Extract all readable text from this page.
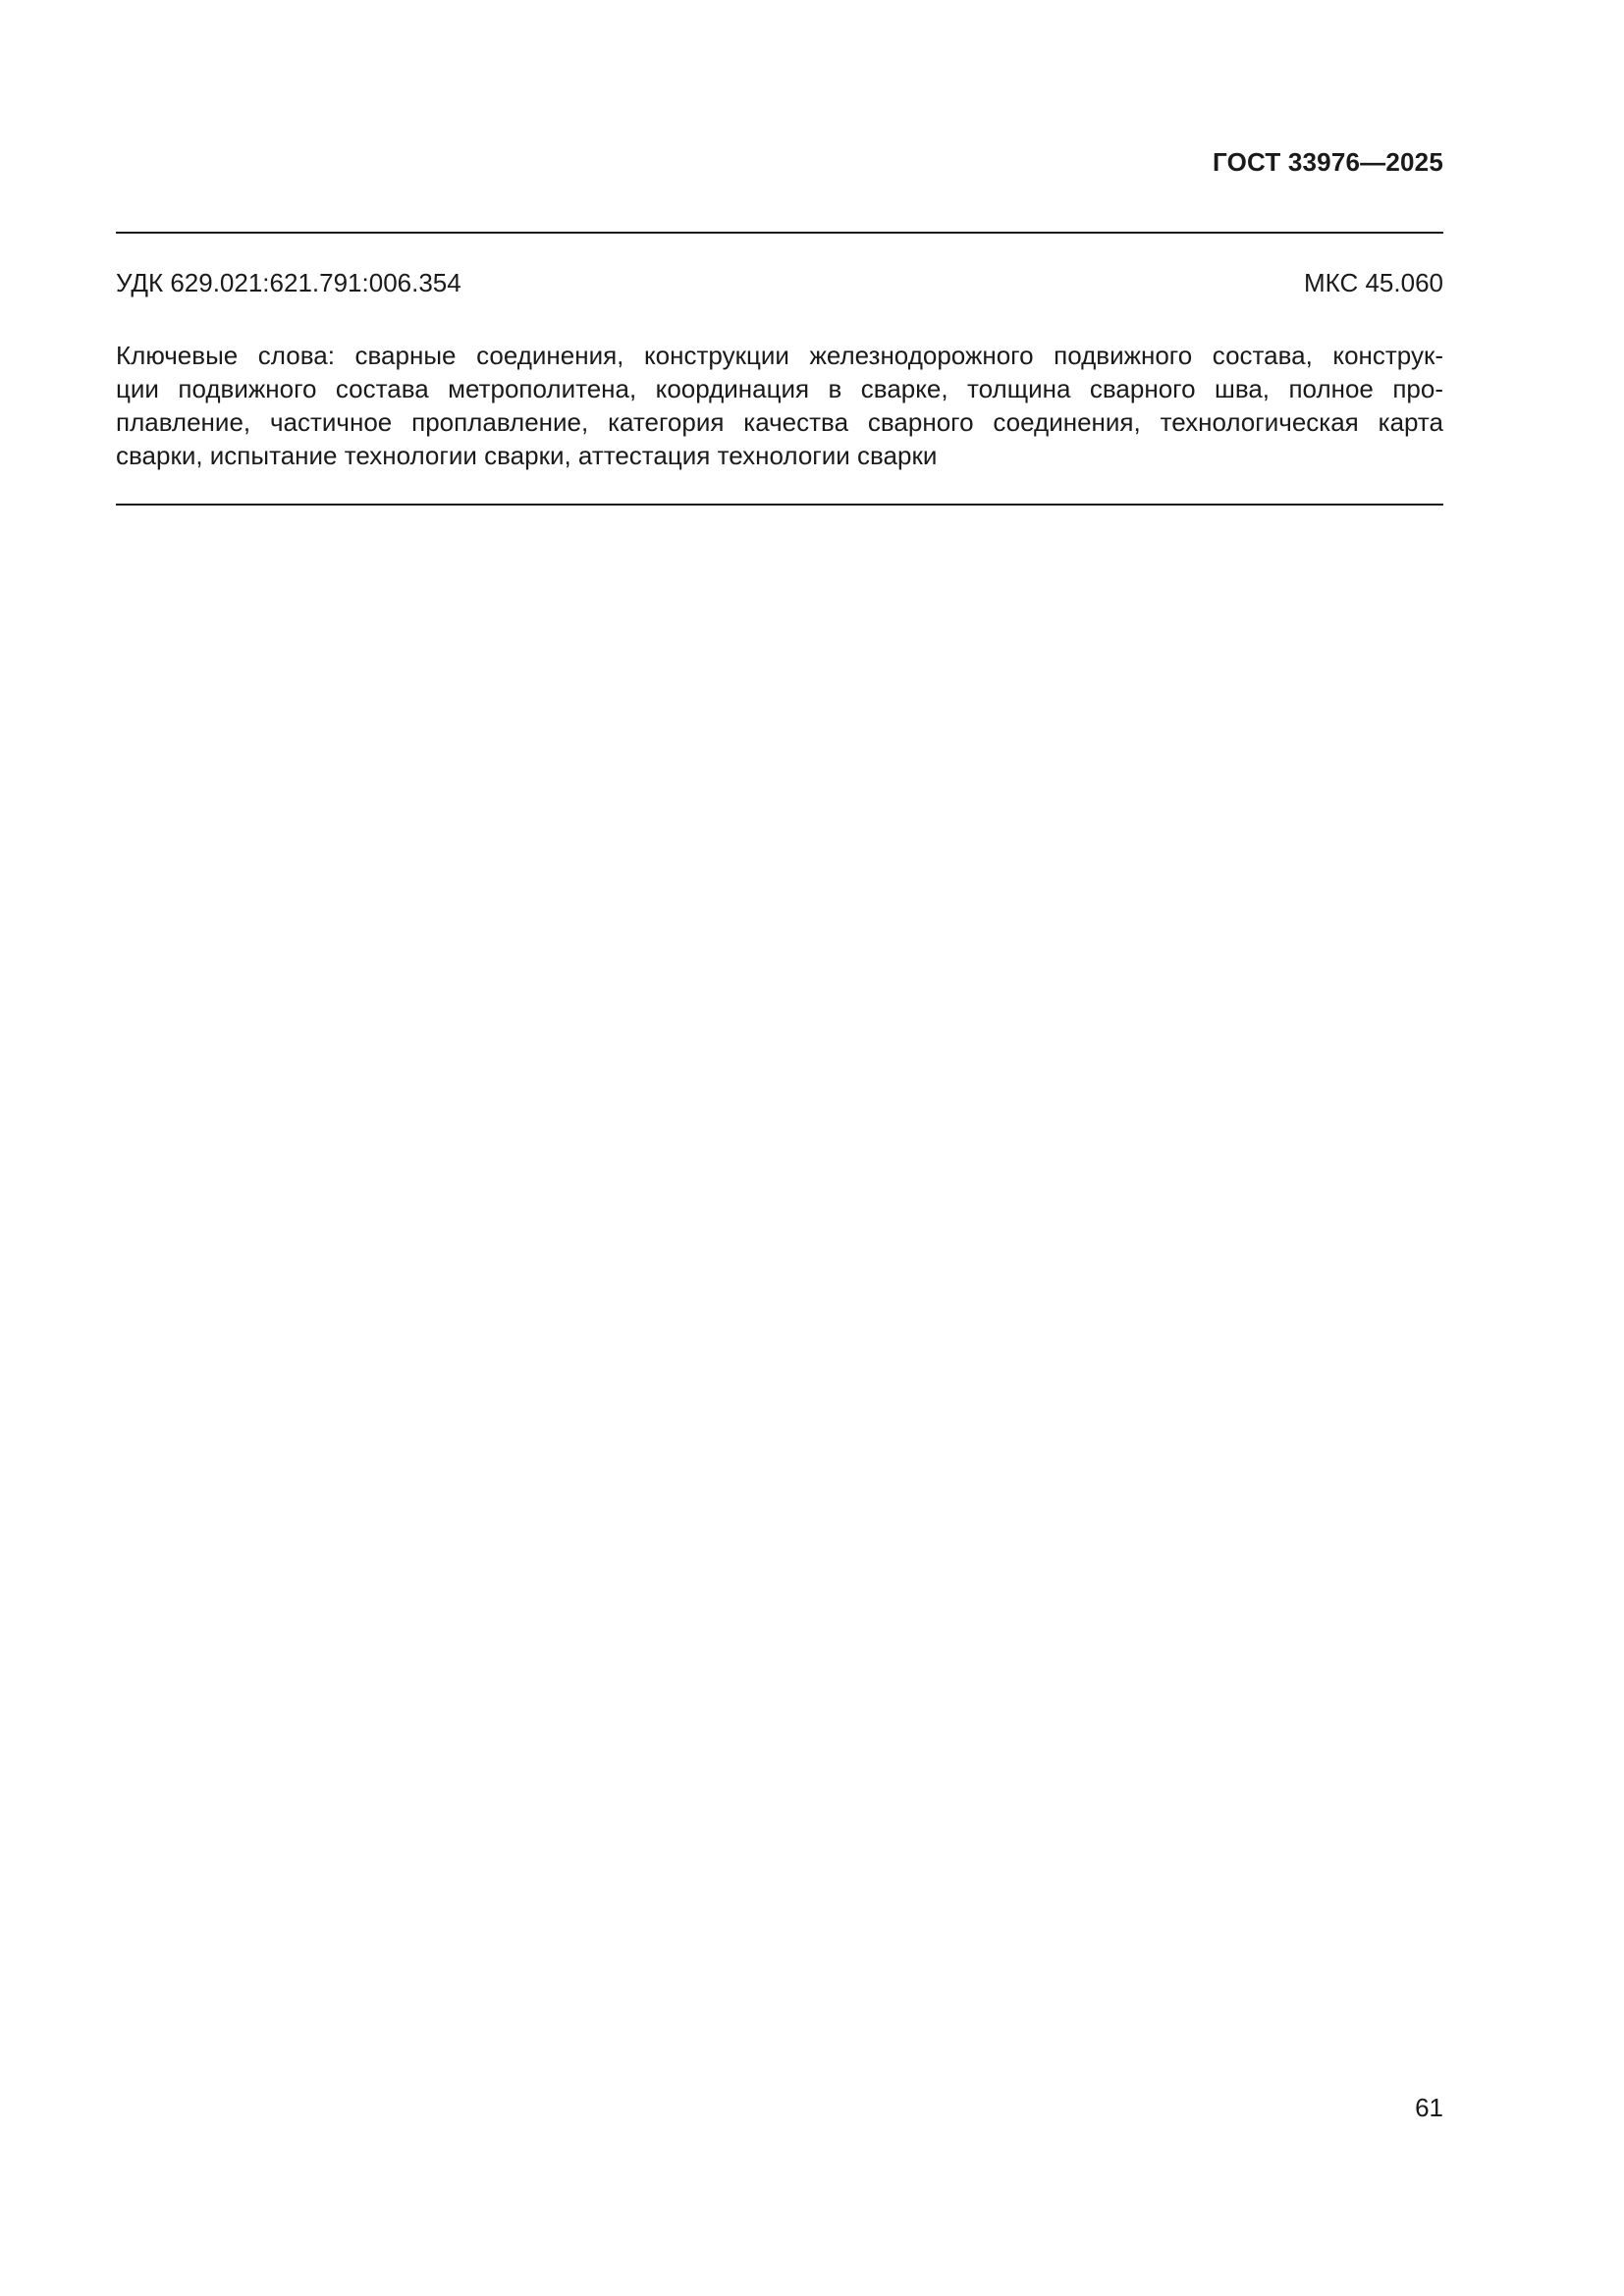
ГОСТ 33976—2025
УДК 629.021:621.791:006.354	МКС 45.060
Ключевые слова: сварные соединения, конструкции железнодорожного подвижного состава, конструк-
ции подвижного состава метрополитена, координация в сварке, толщина сварного шва, полное про-
плавление, частичное проплавление, категория качества сварного соединения, технологическая карта
сварки, испытание технологии сварки, аттестация технологии сварки
61
